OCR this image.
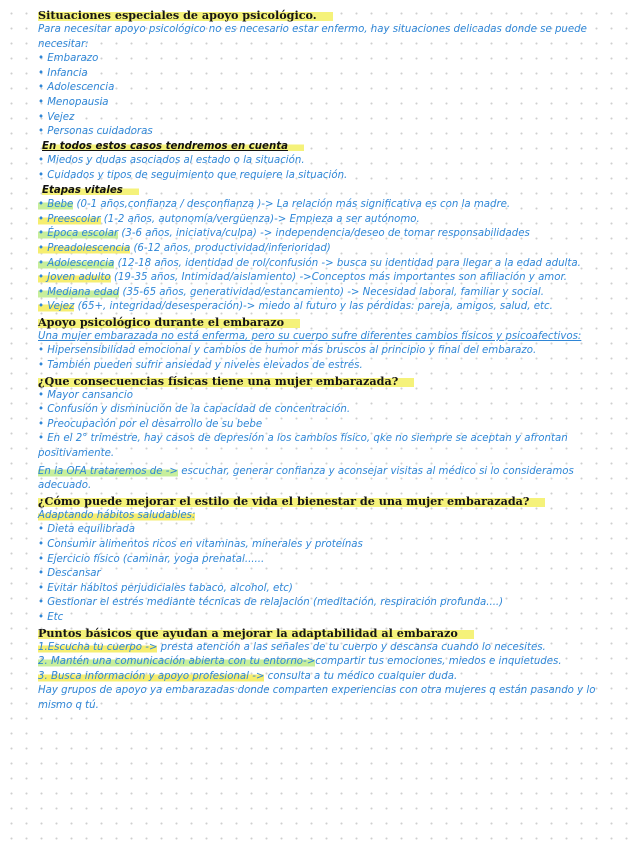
Situaciones especiales de apoyo psicológico.

Para necesitar apoyo psicológico no es necesario estar enfermo, hay situaciones delicadas donde se puede necesitar:

• Embarazo

• Infancia

• Adolescencia

• Menopausia

• Vejez

• Personas cuidadoras

En todos estos casos tendremos en cuenta

• Miedos y dudas asociados al estado o la situación.

• Cuidados y tipos de seguimiento que requiere la situación.

Etapas vitales

• Bebe (0-1 años,confianza / desconfianza )-> La relación más significativa es con la madre.

• Preescolar (1-2 años, autonomía/vergüenza)-> Empieza a ser autónomo.

• Época escolar (3-6 años, iniciativa/culpa) -> independencia/deseo de tomar responsabilidades

• Preadolescencia (6-12 años, productividad/inferioridad)

• Adolescencia (12-18 años, identidad de rol/confusión -> busca su identidad para llegar a la edad adulta.

• Joven adulto (19-35 años, Intimidad/aislamiento) ->Conceptos más importantes son afiliación y amor.

• Mediana edad (35-65 años, generatividad/estancamiento) -> Necesidad laboral, familiar y social.

• Vejez (65+, integridad/desesperación)-> miedo al futuro y las pérdidas: pareja, amigos, salud, etc.

Apoyo psicológico durante el embarazo

Una mujer embarazada no está enferma, pero su cuerpo sufre diferentes cambios físicos y psicoafectivos:

• Hipersensibilidad emocional y cambios de humor más bruscos al principio y final del embarazo.

• También pueden sufrir ansiedad y niveles elevados de estrés.

¿Que consecuencias físicas tiene una mujer embarazada?

• Mayor cansancio

• Confusión y disminución de la capacidad de concentración.

• Preocupación por el desarrollo de su bebe

• En el 2° trimestre, hay casos de depresión a los cambios físico, qke no siempre se aceptan y afrontan positivamente.

En la OFA trataremos de -> escuchar, generar confianza y aconsejar visitas al médico si lo consideramos adecuado.

¿Cómo puede mejorar el estilo de vida el bienestar de una mujer embarazada?

Adaptando hábitos saludables:

• Dieta equilibrada

• Consumir alimentos ricos en vitaminas, minerales y proteínas

• Ejercicio físico (caminar, yoga prenatal......

• Descansar

• Evitar hábitos perjudiciales tabaco, alcohol, etc)

• Gestionar el estrés mediante técnicas de relajación (meditación, respiración profunda....)

• Etc

Puntos básicos que ayudan a mejorar la adaptabilidad al embarazo

1.Escucha tu cuerpo -> presta atención a las señales de tu cuerpo y descansa cuando lo necesites.

2. Mantén una comunicación abierta con tu entorno->compartir tus emociones, miedos e inquietudes.

3. Busca información y apoyo profesional -> consulta a tu médico cualquier duda.

Hay grupos de apoyo ya embarazadas donde comparten experiencias con otra mujeres q están pasando y lo mismo q tú.
